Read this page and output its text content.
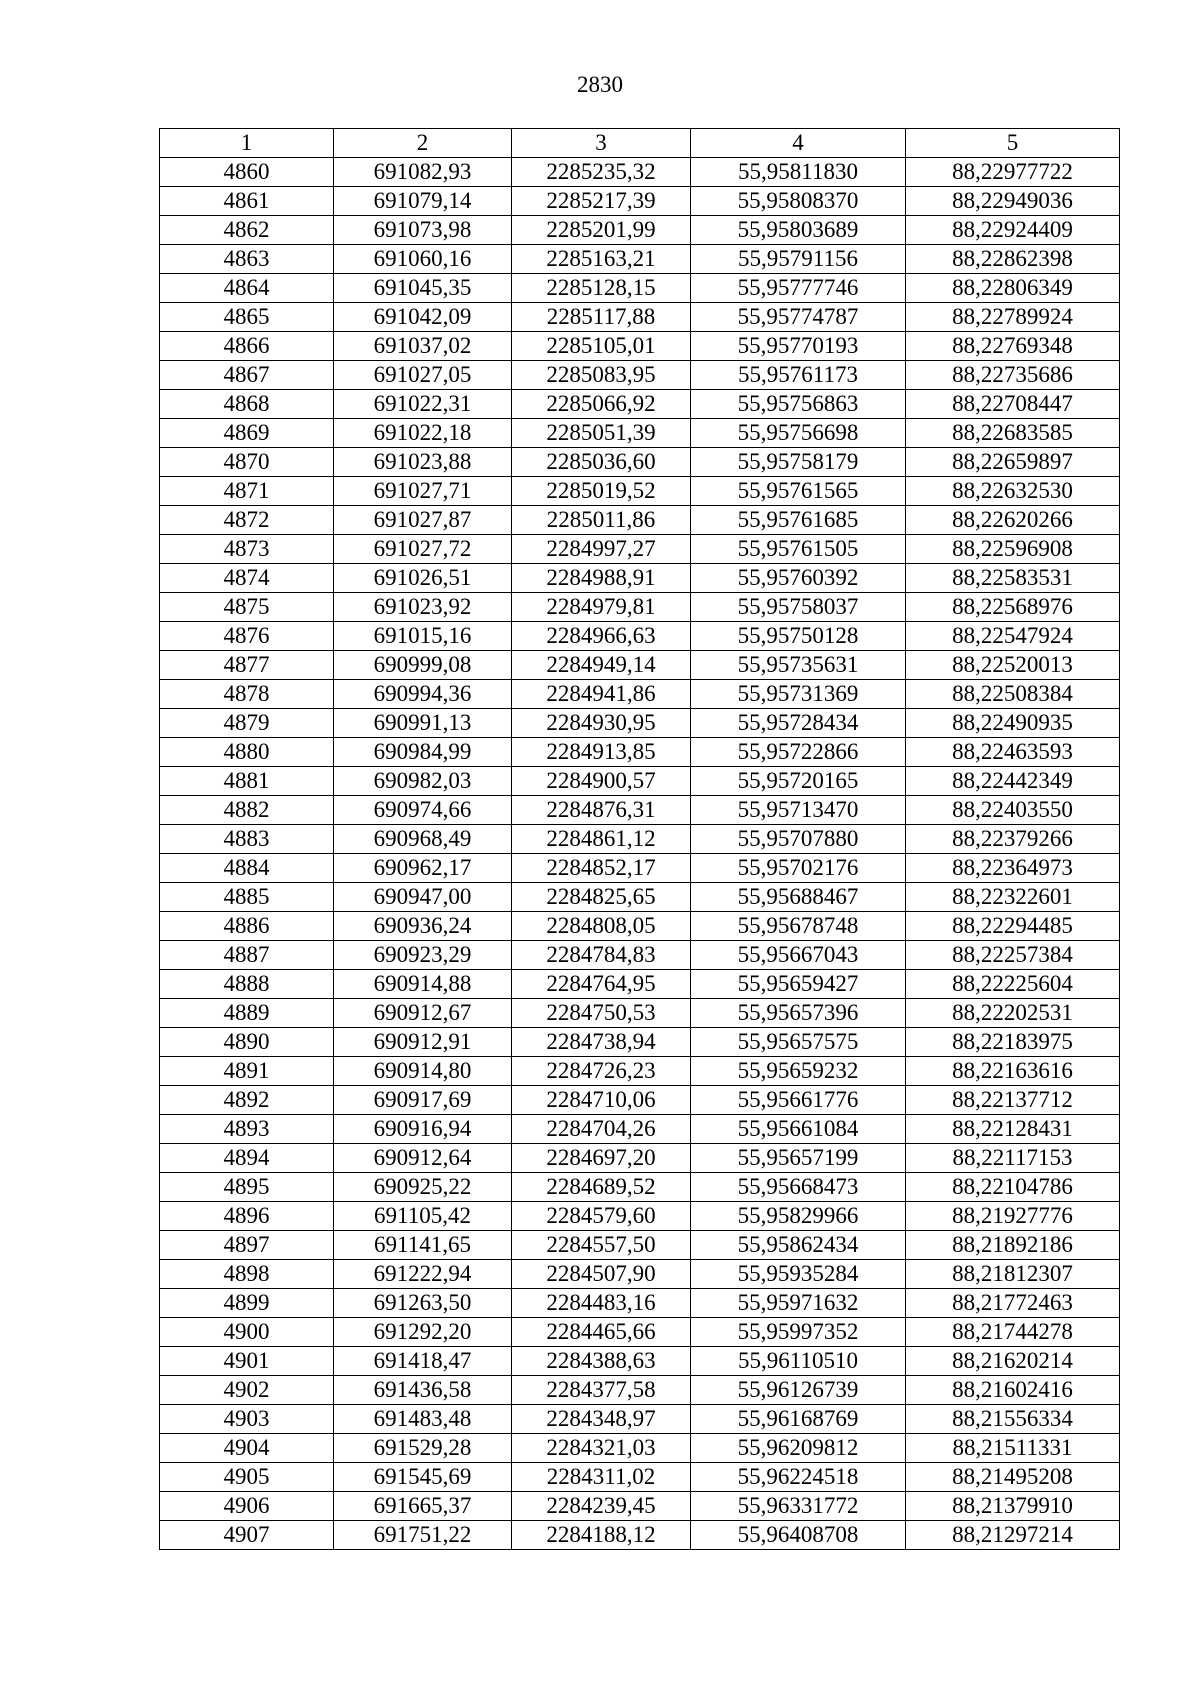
2830
1	2	3	4	5
4860	691082,93	2285235,32	55,95811830	88,22977722
4861	691079,14	2285217,39	55,95808370	88,22949036
4862	691073,98	2285201,99	55,95803689	88,22924409
4863	691060,16	2285163,21	55,95791156	88,22862398
4864	691045,35	2285128,15	55,95777746	88,22806349
4865	691042,09	2285117,88	55,95774787	88,22789924
4866	691037,02	2285105,01	55,95770193	88,22769348
4867	691027,05	2285083,95	55,95761173	88,22735686
4868	691022,31	2285066,92	55,95756863	88,22708447
4869	691022,18	2285051,39	55,95756698	88,22683585
4870	691023,88	2285036,60	55,95758179	88,22659897
4871	691027,71	2285019,52	55,95761565	88,22632530
4872	691027,87	2285011,86	55,95761685	88,22620266
4873	691027,72	2284997,27	55,95761505	88,22596908
4874	691026,51	2284988,91	55,95760392	88,22583531
4875	691023,92	2284979,81	55,95758037	88,22568976
4876	691015,16	2284966,63	55,95750128	88,22547924
4877	690999,08	2284949,14	55,95735631	88,22520013
4878	690994,36	2284941,86	55,95731369	88,22508384
4879	690991,13	2284930,95	55,95728434	88,22490935
4880	690984,99	2284913,85	55,95722866	88,22463593
4881	690982,03	2284900,57	55,95720165	88,22442349
4882	690974,66	2284876,31	55,95713470	88,22403550
4883	690968,49	2284861,12	55,95707880	88,22379266
4884	690962,17	2284852,17	55,95702176	88,22364973
4885	690947,00	2284825,65	55,95688467	88,22322601
4886	690936,24	2284808,05	55,95678748	88,22294485
4887	690923,29	2284784,83	55,95667043	88,22257384
4888	690914,88	2284764,95	55,95659427	88,22225604
4889	690912,67	2284750,53	55,95657396	88,22202531
4890	690912,91	2284738,94	55,95657575	88,22183975
4891	690914,80	2284726,23	55,95659232	88,22163616
4892	690917,69	2284710,06	55,95661776	88,22137712
4893	690916,94	2284704,26	55,95661084	88,22128431
4894	690912,64	2284697,20	55,95657199	88,22117153
4895	690925,22	2284689,52	55,95668473	88,22104786
4896	691105,42	2284579,60	55,95829966	88,21927776
4897	691141,65	2284557,50	55,95862434	88,21892186
4898	691222,94	2284507,90	55,95935284	88,21812307
4899	691263,50	2284483,16	55,95971632	88,21772463
4900	691292,20	2284465,66	55,95997352	88,21744278
4901	691418,47	2284388,63	55,96110510	88,21620214
4902	691436,58	2284377,58	55,96126739	88,21602416
4903	691483,48	2284348,97	55,96168769	88,21556334
4904	691529,28	2284321,03	55,96209812	88,21511331
4905	691545,69	2284311,02	55,96224518	88,21495208
4906	691665,37	2284239,45	55,96331772	88,21379910
4907	691751,22	2284188,12	55,96408708	88,21297214
